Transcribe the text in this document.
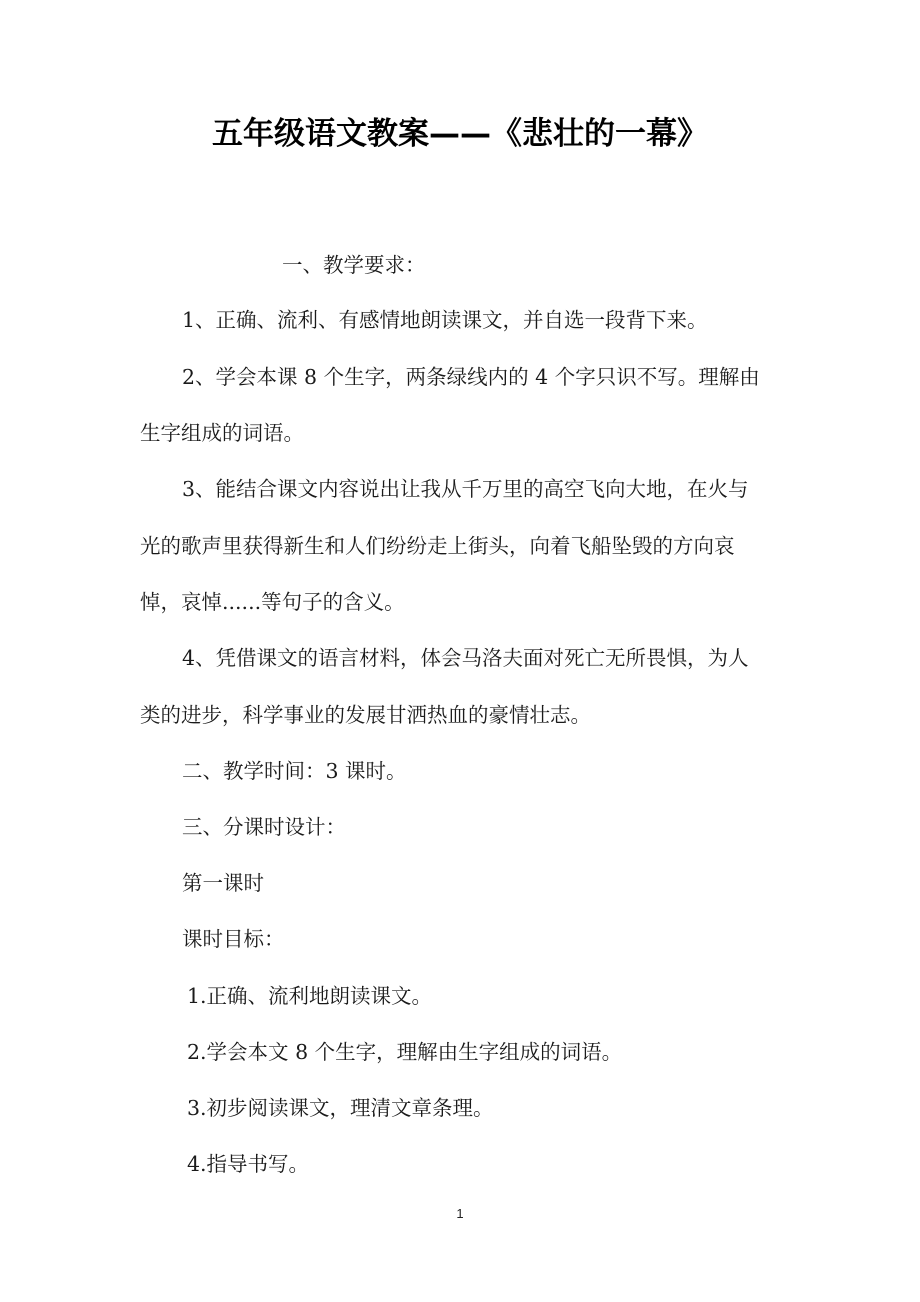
五年级语文教案——《悲壮的一幕》
一、教学要求：
1、正确、流利、有感情地朗读课文，并自选一段背下来。
2、学会本课 8 个生字，两条绿线内的 4 个字只识不写。理解由
生字组成的词语。
3、能结合课文内容说出让我从千万里的高空飞向大地，在火与
光的歌声里获得新生和人们纷纷走上街头，向着飞船坠毁的方向哀
悼，哀悼......等句子的含义。
4、凭借课文的语言材料，体会马洛夫面对死亡无所畏惧，为人
类的进步，科学事业的发展甘洒热血的豪情壮志。
二、教学时间：3 课时。
三、分课时设计：
第一课时
课时目标：
1.正确、流利地朗读课文。
2.学会本文 8 个生字，理解由生字组成的词语。
3.初步阅读课文，理清文章条理。
4.指导书写。
1
